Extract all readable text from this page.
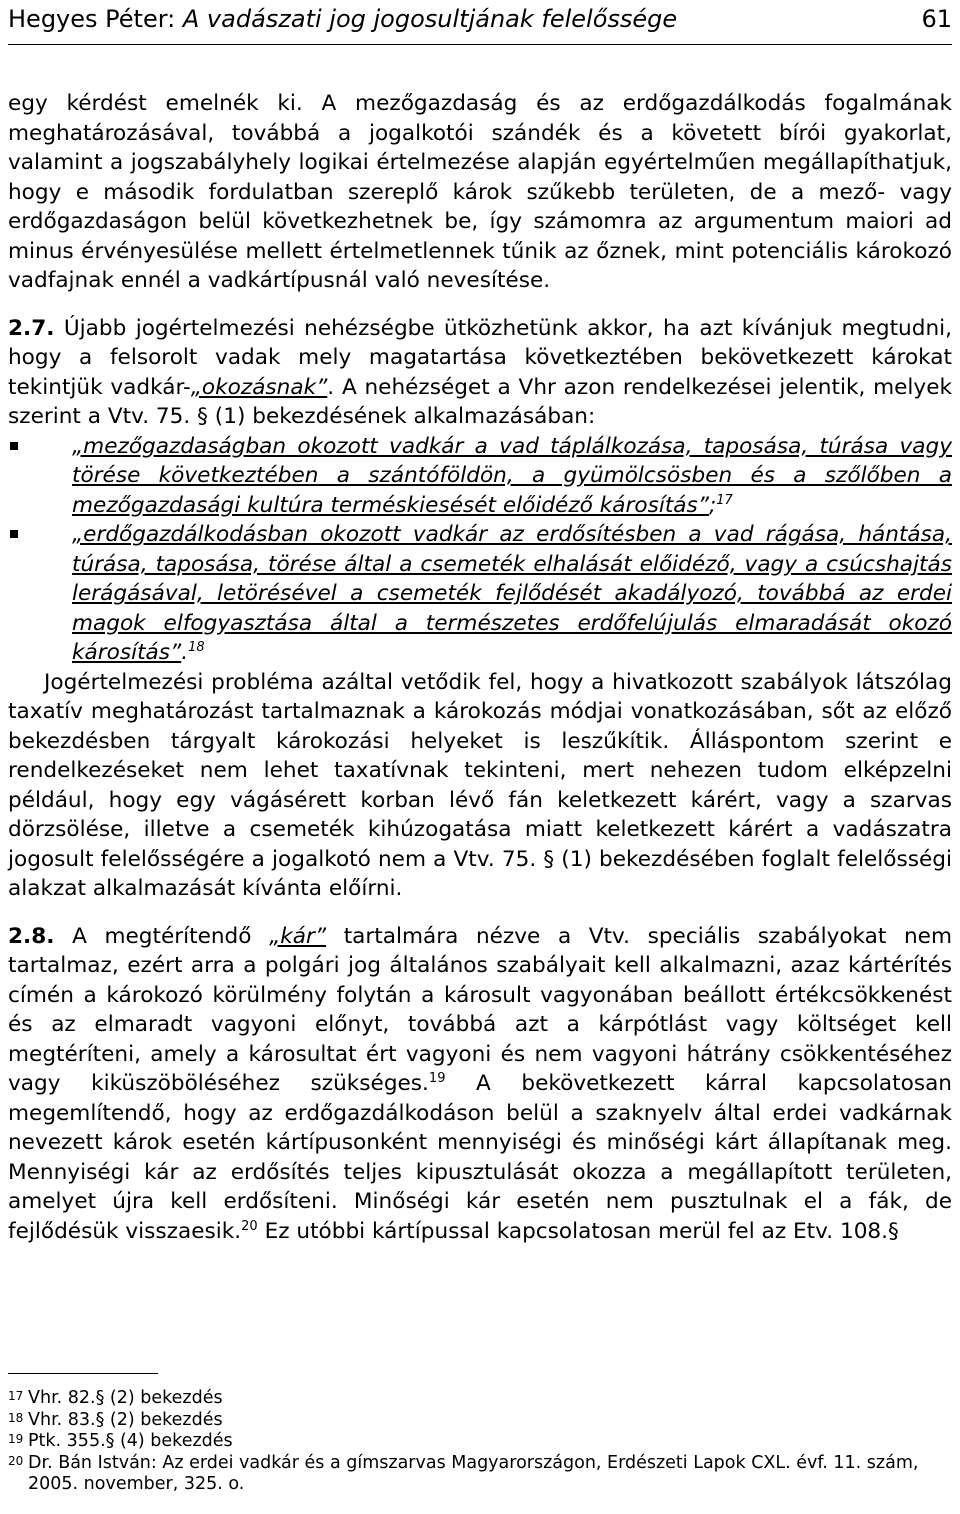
Hegyes Péter: A vadászati jog jogosultjának felelőssége	61

egy kérdést emelnék ki. A mezőgazdaság és az erdőgazdálkodás fogalmának meghatározásával, továbbá a jogalkotói szándék és a követett bírói gyakorlat, valamint a jogszabályhely logikai értelmezése alapján egyértelműen megállapíthatjuk, hogy e második fordulatban szereplő károk szűkebb területen, de a mező- vagy erdőgazdaságon belül következhetnek be, így számomra az argumentum maiori ad minus érvényesülése mellett értelmetlennek tűnik az őznek, mint potenciális károkozó vadfajnak ennél a vadkártípusnál való nevesítése.

2.7. Újabb jogértelmezési nehézségbe ütközhetünk akkor, ha azt kívánjuk megtudni, hogy a felsorolt vadak mely magatartása következtében bekövetkezett károkat tekintjük vadkár-„okozásnak”. A nehézséget a Vhr azon rendelkezései jelentik, melyek szerint a Vtv. 75. § (1) bekezdésének alkalmazásában:

„mezőgazdaságban okozott vadkár a vad táplálkozása, taposása, túrása vagy törése következtében a szántóföldön, a gyümölcsösben és a szőlőben a mezőgazdasági kultúra terméskiesését előidéző károsítás”;$^{17}$
„erdőgazdálkodásban okozott vadkár az erdősítésben a vad rágása, hántása, túrása, taposása, törése által a csemeték elhalását előidéző, vagy a csúcshajtás lerágásával, letörésével a csemeték fejlődését akadályozó, továbbá az erdei magok elfogyasztása által a természetes erdőfelújulás elmaradását okozó károsítás”.$^{18}$

Jogértelmezési probléma azáltal vetődik fel, hogy a hivatkozott szabályok látszólag taxatív meghatározást tartalmaznak a károkozás módjai vonatkozásában, sőt az előző bekezdésben tárgyalt károkozási helyeket is leszűkítik. Álláspontom szerint e rendelkezéseket nem lehet taxatívnak tekinteni, mert nehezen tudom elképzelni például, hogy egy vágásérett korban lévő fán keletkezett kárért, vagy a szarvas dörzsölése, illetve a csemeték kihúzogatása miatt keletkezett kárért a vadászatra jogosult felelősségére a jogalkotó nem a Vtv. 75. § (1) bekezdésében foglalt felelősségi alakzat alkalmazását kívánta előírni.

2.8. A megtérítendő „kár” tartalmára nézve a Vtv. speciális szabályokat nem tartalmaz, ezért arra a polgári jog általános szabályait kell alkalmazni, azaz kártérítés címén a károkozó körülmény folytán a károsult vagyonában beállott értékcsökkenést és az elmaradt vagyoni előnyt, továbbá azt a kárpótlást vagy költséget kell megtéríteni, amely a károsultat ért vagyoni és nem vagyoni hátrány csökkentéséhez vagy kiküszöböléséhez szükséges.$^{19}$ A bekövetkezett kárral kapcsolatosan megemlítendő, hogy az erdőgazdálkodáson belül a szaknyelv által erdei vadkárnak nevezett károk esetén kártípusonként mennyiségi és minőségi kárt állapítanak meg. Mennyiségi kár az erdősítés teljes kipusztulását okozza a megállapított területen, amelyet újra kell erdősíteni. Minőségi kár esetén nem pusztulnak el a fák, de fejlődésük visszaesik.$^{20}$ Ez utóbbi kártípussal kapcsolatosan merül fel az Etv. 108.§

17 Vhr. 82.§ (2) bekezdés
18 Vhr. 83.§ (2) bekezdés
19 Ptk. 355.§ (4) bekezdés
20 Dr. Bán István: Az erdei vadkár és a gímszarvas Magyarországon, Erdészeti Lapok CXL. évf. 11. szám, 2005. november, 325. o.
